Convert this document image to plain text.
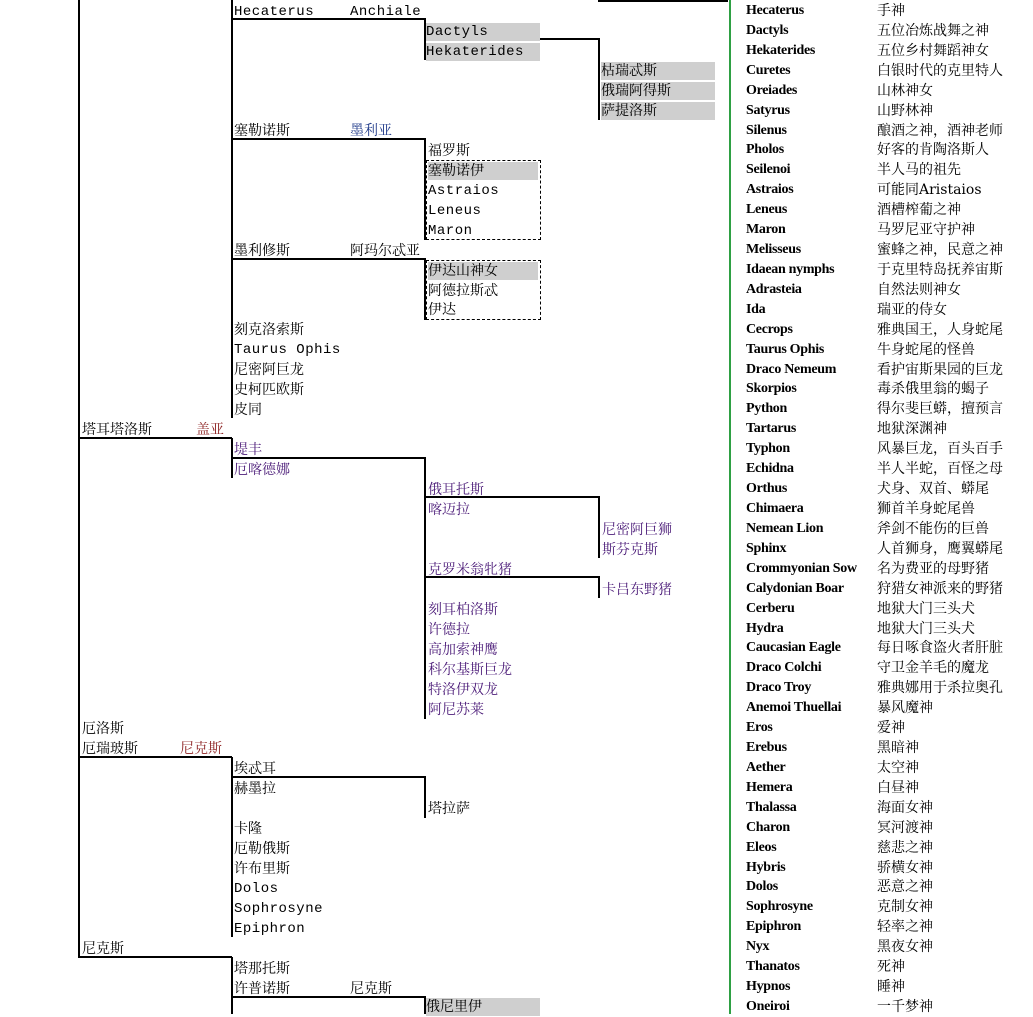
Hecaterus	Anchiale
Dactyls
Hekaterides
枯瑞忒斯
俄瑞阿得斯
萨提洛斯
塞勒诺斯	墨利亚
福罗斯
塞勒诺伊
Astraios
Leneus
Maron
墨利修斯	阿玛尔忒亚
伊达山神女
阿德拉斯忒
伊达
刻克洛索斯
Taurus Ophis
尼密阿巨龙
史柯匹欧斯
皮同
塔耳塔洛斯	盖亚
堤丰
厄喀德娜
俄耳托斯
喀迈拉
尼密阿巨狮
斯芬克斯
克罗米翁牝猪
卡吕东野猪
刻耳柏洛斯
许德拉
高加索神鹰
科尔基斯巨龙
特洛伊双龙
阿尼苏莱
厄洛斯
厄瑞玻斯	尼克斯
埃忒耳
赫墨拉
塔拉萨
卡隆
厄勒俄斯
许布里斯
Dolos
Sophrosyne
Epiphron
尼克斯
塔那托斯
许普诺斯	尼克斯
俄尼里伊
Hecaterus	手神
Dactyls	五位冶炼战舞之神
Hekaterides	五位乡村舞蹈神女
Curetes	白银时代的克里特人
Oreiades	山林神女
Satyrus	山野林神
Silenus	酿酒之神，酒神老师
Pholos	好客的肯陶洛斯人
Seilenoi	半人马的祖先
Astraios	可能同Aristaios
Leneus	酒槽榨葡之神
Maron	马罗尼亚守护神
Melisseus	蜜蜂之神，民意之神
Idaean nymphs	于克里特岛抚养宙斯
Adrasteia	自然法则神女
Ida	瑞亚的侍女
Cecrops	雅典国王，人身蛇尾
Taurus Ophis	牛身蛇尾的怪兽
Draco Nemeum	看护宙斯果园的巨龙
Skorpios	毒杀俄里翁的蝎子
Python	得尔斐巨蟒，擅预言
Tartarus	地狱深渊神
Typhon	风暴巨龙，百头百手
Echidna	半人半蛇，百怪之母
Orthus	犬身、双首、蟒尾
Chimaera	狮首羊身蛇尾兽
Nemean Lion	斧剑不能伤的巨兽
Sphinx	人首狮身，鹰翼蟒尾
Crommyonian Sow 名为费亚的母野猪
Calydonian Boar 狩猎女神派来的野猪
Cerberu	地狱大门三头犬
Hydra	地狱大门三头犬
Caucasian Eagle	每日啄食盗火者肝脏
Draco Colchi	守卫金羊毛的魔龙
Draco Troy	雅典娜用于杀拉奥孔
Anemoi Thuellai	暴风魔神
Eros	爱神
Erebus	黑暗神
Aether	太空神
Hemera	白昼神
Thalassa	海面女神
Charon	冥河渡神
Eleos	慈悲之神
Hybris	骄横女神
Dolos	恶意之神
Sophrosyne	克制女神
Epiphron	轻率之神
Nyx	黑夜女神
Thanatos	死神
Hypnos	睡神
Oneiroi	一千梦神
